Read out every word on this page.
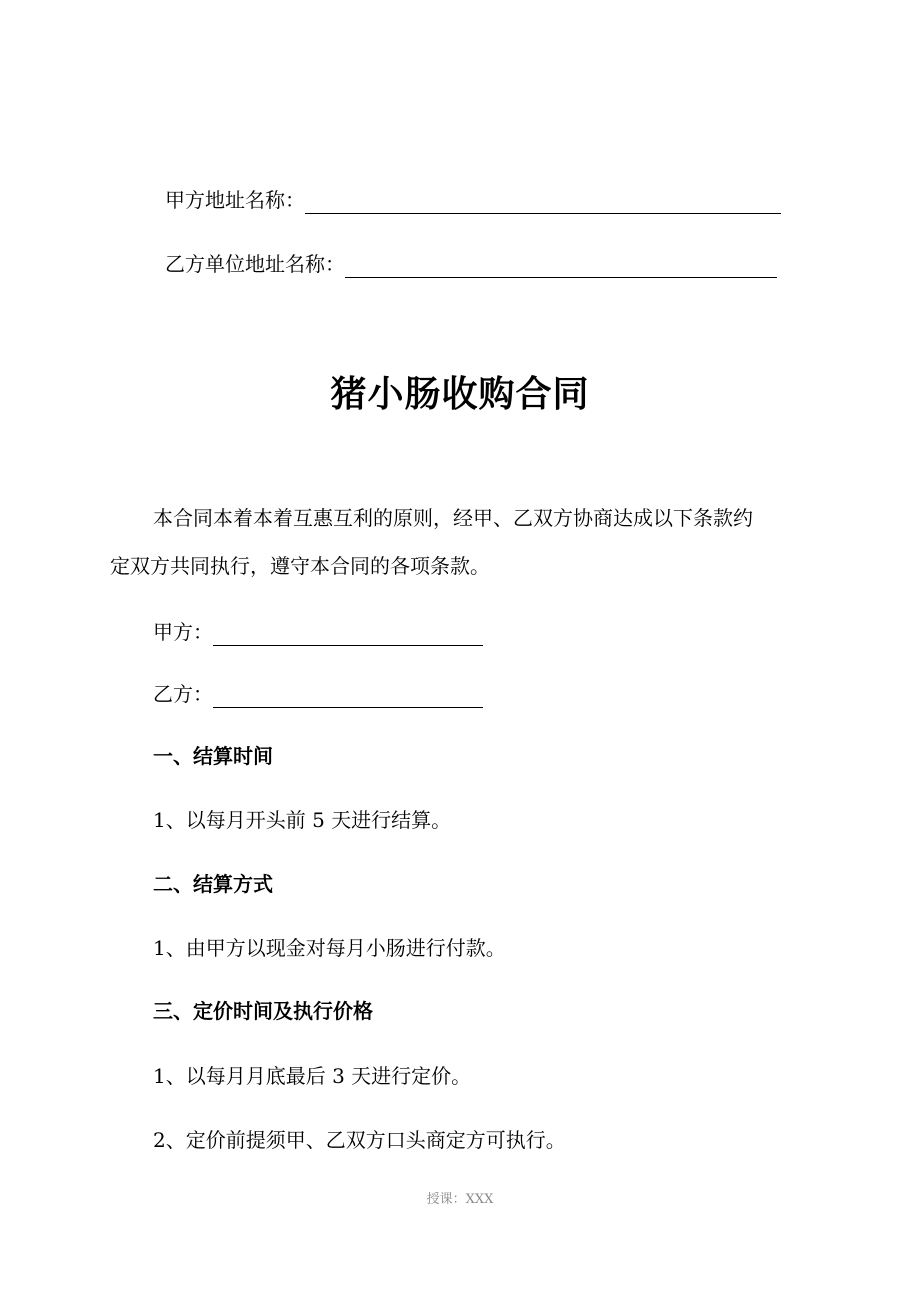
甲方地址名称：
乙方单位地址名称：
猪小肠收购合同
本合同本着本着互惠互利的原则，经甲、乙双方协商达成以下条款约
定双方共同执行，遵守本合同的各项条款。
甲方：
乙方：
一、结算时间
1、以每月开头前 5 天进行结算。
二、结算方式
1、由甲方以现金对每月小肠进行付款。
三、定价时间及执行价格
1、以每月月底最后 3 天进行定价。
2、定价前提须甲、乙双方口头商定方可执行。
授课：XXX
